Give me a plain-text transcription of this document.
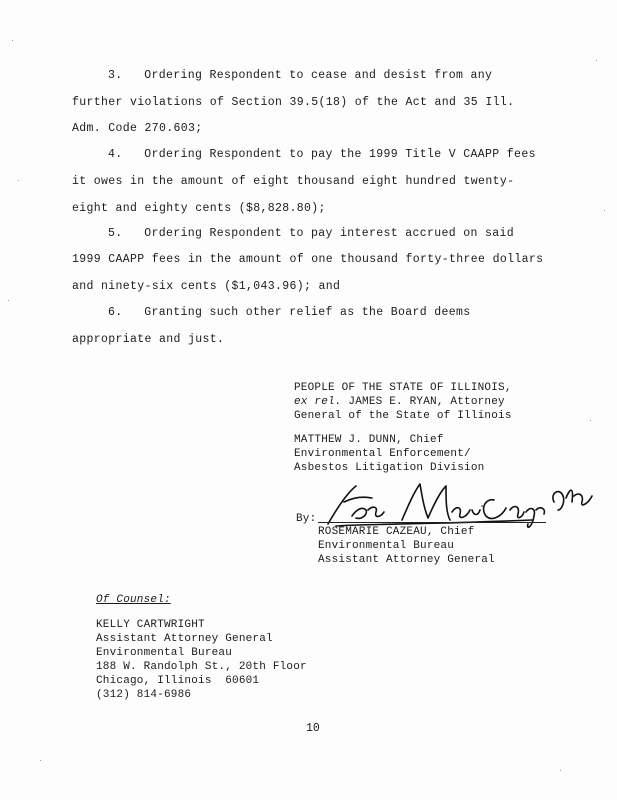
3.   Ordering Respondent to cease and desist from any
further violations of Section 39.5(18) of the Act and 35 Ill.
Adm. Code 270.603;
4.   Ordering Respondent to pay the 1999 Title V CAAPP fees
it owes in the amount of eight thousand eight hundred twenty-
eight and eighty cents ($8,828.80);
5.   Ordering Respondent to pay interest accrued on said
1999 CAAPP fees in the amount of one thousand forty-three dollars
and ninety-six cents ($1,043.96); and
6.   Granting such other relief as the Board deems
appropriate and just.
PEOPLE OF THE STATE OF ILLINOIS,
ex rel. JAMES E. RYAN, Attorney
General of the State of Illinois
MATTHEW J. DUNN, Chief
Environmental Enforcement/
Asbestos Litigation Division
By:
ROSEMARIE CAZEAU, Chief
Environmental Bureau
Assistant Attorney General
Of Counsel:
KELLY CARTWRIGHT
Assistant Attorney General
Environmental Bureau
188 W. Randolph St., 20th Floor
Chicago, Illinois  60601
(312) 814-6986
10
